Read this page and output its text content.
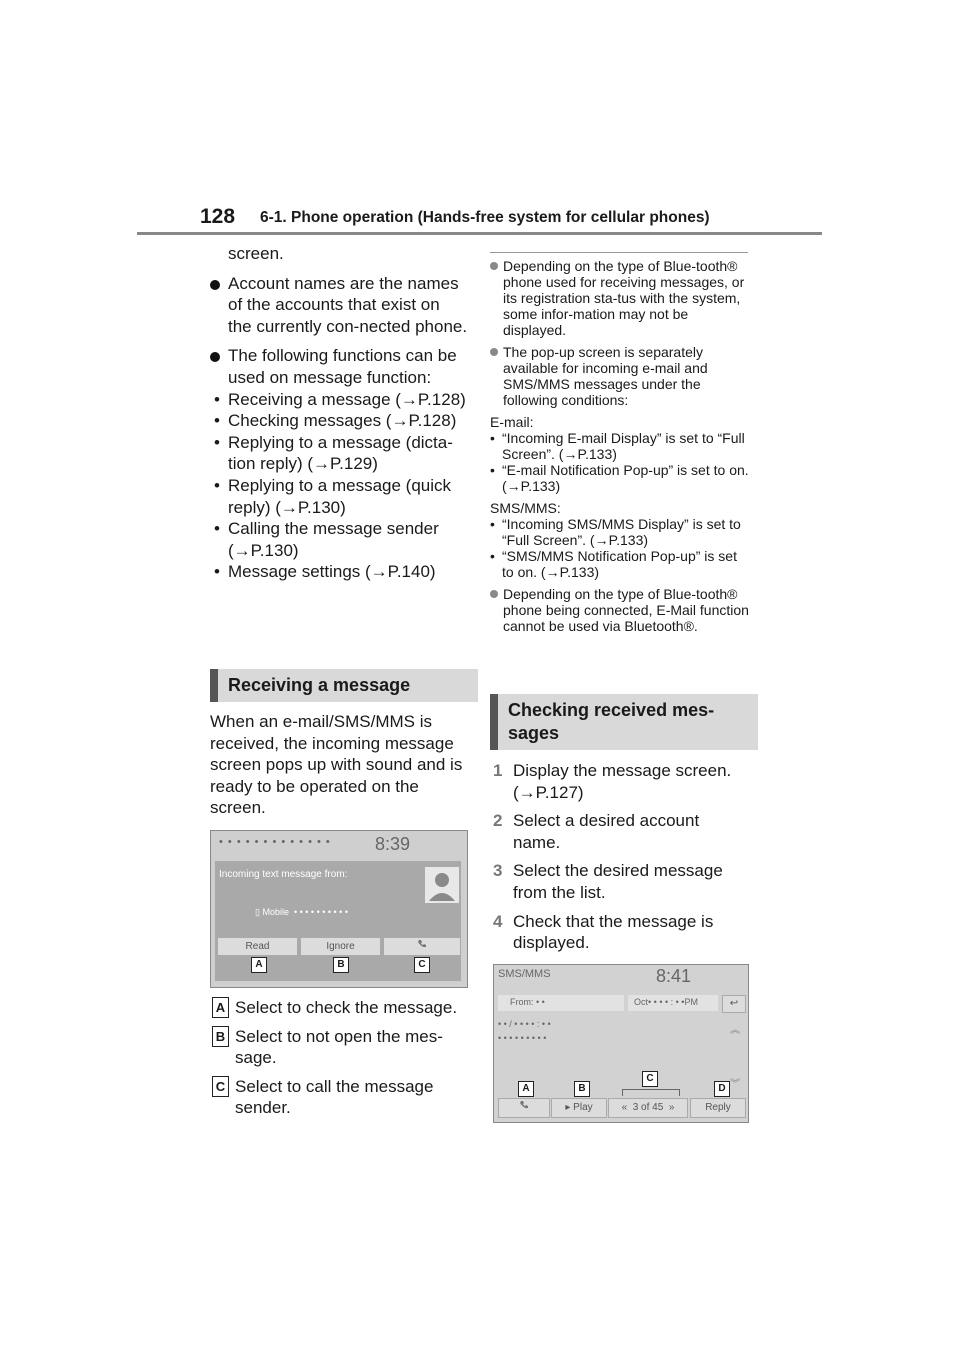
128 6-1. Phone operation (Hands-free system for cellular phones)
screen.
Account names are the names of the accounts that exist on the currently con-nected phone.
The following functions can be used on message function:
• Receiving a message (→P.128)
• Checking messages (→P.128)
• Replying to a message (dicta-tion reply) (→P.129)
• Replying to a message (quick reply) (→P.130)
• Calling the message sender (→P.130)
• Message settings (→P.140)
Receiving a message
When an e-mail/SMS/MMS is received, the incoming message screen pops up with sound and is ready to be operated on the screen.
• • • • • • • • • • • • • 8:39
Incoming text message from:
▯ Mobile  • • • • • • • • • •
Read	Ignore
A	B	C
A Select to check the message.
B Select to not open the mes-sage.
C Select to call the message sender.
Depending on the type of Blue-tooth® phone used for receiving messages, or its registration sta-tus with the system, some infor-mation may not be displayed.
The pop-up screen is separately available for incoming e-mail and SMS/MMS messages under the following conditions:
E-mail:
• “Incoming E-mail Display” is set to “Full Screen”. (→P.133)
• “E-mail Notification Pop-up” is set to on. (→P.133)
SMS/MMS:
• “Incoming SMS/MMS Display” is set to “Full Screen”. (→P.133)
• “SMS/MMS Notification Pop-up” is set to on. (→P.133)
Depending on the type of Blue-tooth® phone being connected, E-Mail function cannot be used via Bluetooth®.
Checking received mes-sages
1 Display the message screen. (→P.127)
2 Select a desired account name.
3 Select the desired message from the list.
4 Check that the message is displayed.
SMS/MMS	8:41
From: • •	Oct• • • • : • •PM	↩
• • / • • • • : • •
• • • • • • • • •
︽
︾
A	B
C
D
▸ Play	« 3 of 45 »	Reply
